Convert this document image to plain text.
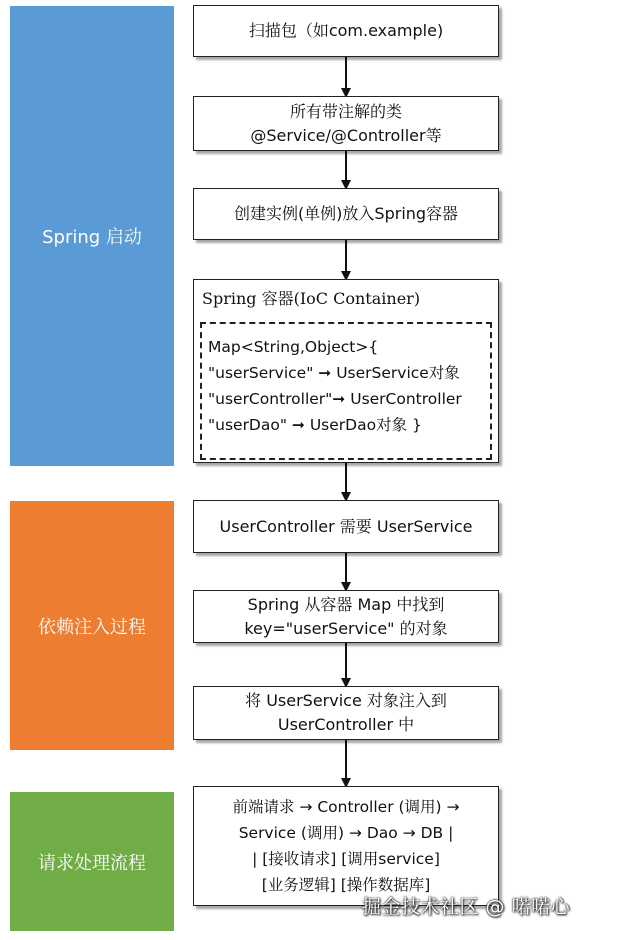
Spring 启动
依赖注入过程
请求处理流程
扫描包（如com.example)
所有带注解的类
@Service/@Controller等
创建实例(单例)放入Spring容器
Spring 容器(IoC Container)
Map<String,Object>{
"userService" ➞ UserService对象
"userController"➞ UserController
"userDao" ➞ UserDao对象 }
UserController 需要 UserService
Spring 从容器 Map 中找到
key="userService" 的对象
将 UserService 对象注入到
UserController 中
前端请求 → Controller (调用) →
Service (调用) → Dao → DB |
| [接收请求] [调用service]
[业务逻辑] [操作数据库]
掘金技术社区 @ 喏喏心
